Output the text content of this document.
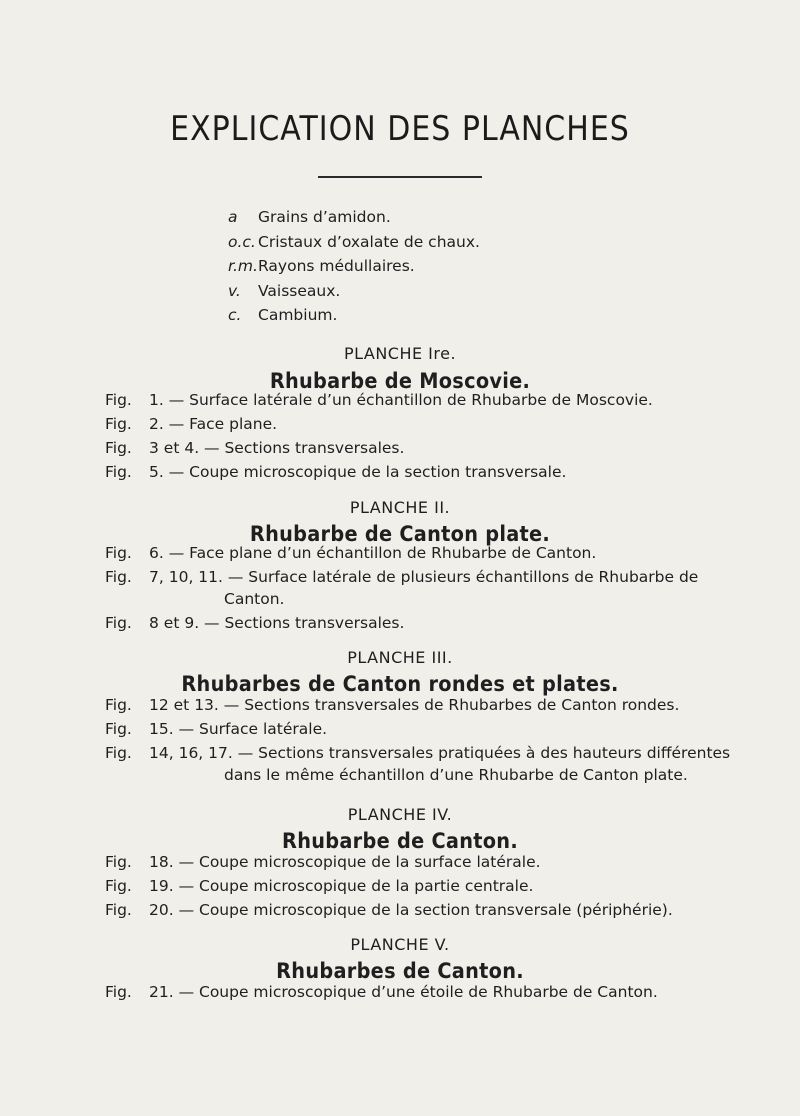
EXPLICATION DES PLANCHES
a Grains d’amidon.
o.c. Cristaux d’oxalate de chaux.
r.m.Rayons médullaires.
v. Vaisseaux.
c. Cambium.
PLANCHE Ire.
Rhubarbe de Moscovie.
Fig. 1. — Surface latérale d’un échantillon de Rhubarbe de Moscovie.
Fig. 2. — Face plane.
Fig. 3 et 4. — Sections transversales.
Fig. 5. — Coupe microscopique de la section transversale.
PLANCHE II.
Rhubarbe de Canton plate.
Fig. 6. — Face plane d’un échantillon de Rhubarbe de Canton.
Fig. 7, 10, 11. — Surface latérale de plusieurs échantillons de Rhubarbe de
Canton.
Fig. 8 et 9. — Sections transversales.
PLANCHE III.
Rhubarbes de Canton rondes et plates.
Fig. 12 et 13. — Sections transversales de Rhubarbes de Canton rondes.
Fig. 15. — Surface latérale.
Fig. 14, 16, 17. — Sections transversales pratiquées à des hauteurs différentes
dans le même échantillon d’une Rhubarbe de Canton plate.
PLANCHE IV.
Rhubarbe de Canton.
Fig. 18. — Coupe microscopique de la surface latérale.
Fig. 19. — Coupe microscopique de la partie centrale.
Fig. 20. — Coupe microscopique de la section transversale (périphérie).
PLANCHE V.
Rhubarbes de Canton.
Fig. 21. — Coupe microscopique d’une étoile de Rhubarbe de Canton.
